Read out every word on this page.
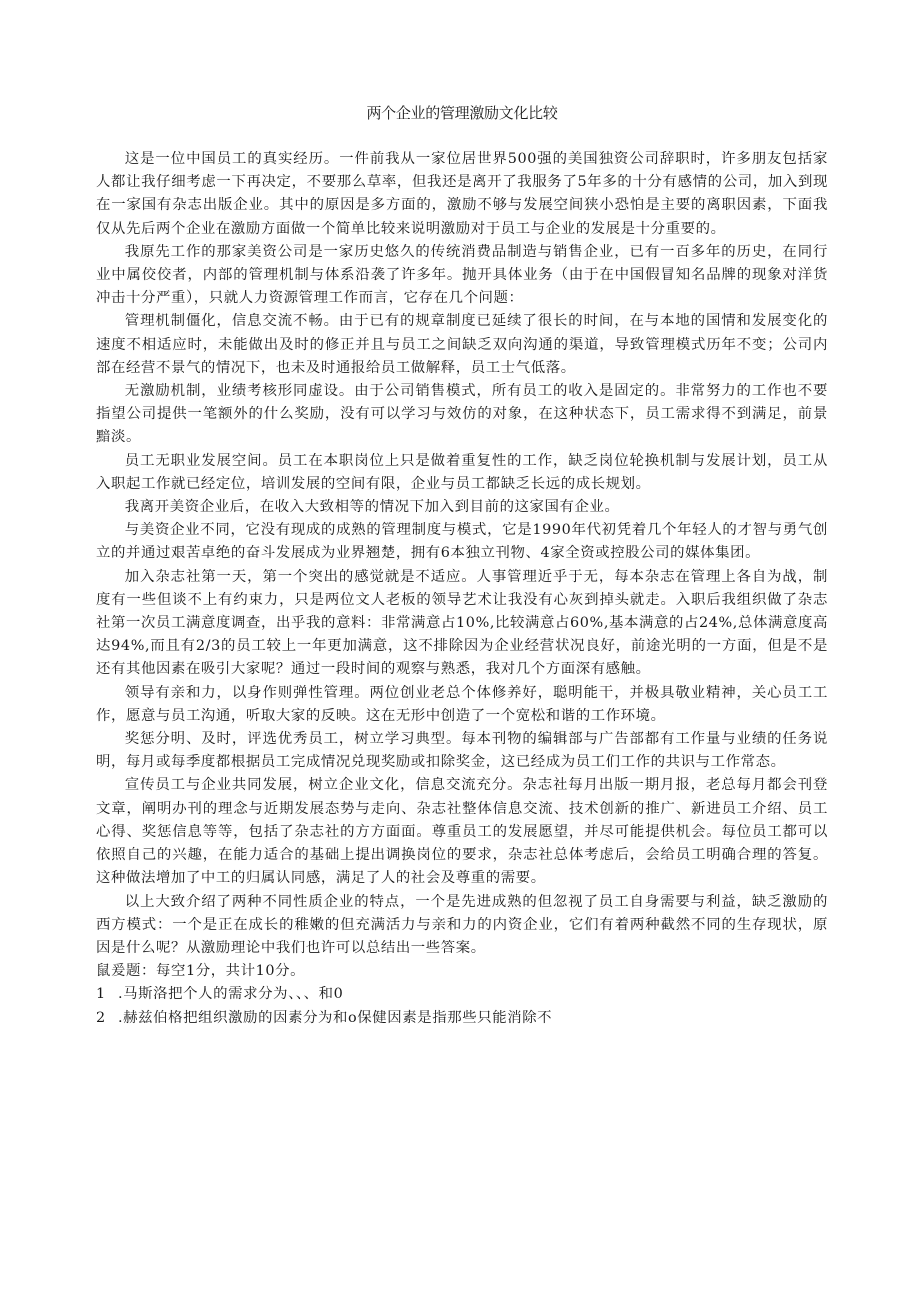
两个企业的管理激励文化比较

这是一位中国员工的真实经历。一件前我从一家位居世界500强的美国独资公司辞职时，许多朋友包括家人都让我仔细考虑一下再决定，不要那么草率，但我还是离开了我服务了5年多的十分有感情的公司，加入到现在一家国有杂志出版企业。其中的原因是多方面的，激励不够与发展空间狭小恐怕是主要的离职因素，下面我仅从先后两个企业在激励方面做一个简单比较来说明激励对于员工与企业的发展是十分重要的。

我原先工作的那家美资公司是一家历史悠久的传统消费品制造与销售企业，已有一百多年的历史，在同行业中属佼佼者，内部的管理机制与体系沿袭了许多年。抛开具体业务（由于在中国假冒知名品牌的现象对洋货冲击十分严重），只就人力资源管理工作而言，它存在几个问题：

管理机制僵化，信息交流不畅。由于已有的规章制度已延续了很长的时间，在与本地的国情和发展变化的速度不相适应时，未能做出及时的修正并且与员工之间缺乏双向沟通的渠道，导致管理模式历年不变；公司内部在经营不景气的情况下，也未及时通报给员工做解释，员工士气低落。

无激励机制，业绩考核形同虚设。由于公司销售模式，所有员工的收入是固定的。非常努力的工作也不要指望公司提供一笔额外的什么奖励，没有可以学习与效仿的对象，在这种状态下，员工需求得不到满足，前景黯淡。

员工无职业发展空间。员工在本职岗位上只是做着重复性的工作，缺乏岗位轮换机制与发展计划，员工从入职起工作就已经定位，培训发展的空间有限，企业与员工都缺乏长远的成长规划。

我离开美资企业后，在收入大致相等的情况下加入到目前的这家国有企业。

与美资企业不同，它没有现成的成熟的管理制度与模式，它是1990年代初凭着几个年轻人的才智与勇气创立的并通过艰苦卓绝的奋斗发展成为业界翘楚，拥有6本独立刊物、4家全资或控股公司的媒体集团。

加入杂志社第一天，第一个突出的感觉就是不适应。人事管理近乎于无，每本杂志在管理上各自为战，制度有一些但谈不上有约束力，只是两位文人老板的领导艺术让我没有心灰到掉头就走。入职后我组织做了杂志社第一次员工满意度调查，出乎我的意料：非常满意占10%,比较满意占60%,基本满意的占24%,总体满意度高达94%,而且有2/3的员工较上一年更加满意，这不排除因为企业经营状况良好，前途光明的一方面，但是不是还有其他因素在吸引大家呢？通过一段时间的观察与熟悉，我对几个方面深有感触。

领导有亲和力，以身作则弹性管理。两位创业老总个体修养好，聪明能干，并极具敬业精神，关心员工工作，愿意与员工沟通，听取大家的反映。这在无形中创造了一个宽松和谐的工作环境。

奖惩分明、及时，评选优秀员工，树立学习典型。每本刊物的编辑部与广告部都有工作量与业绩的任务说明，每月或每季度都根据员工完成情况兑现奖励或扣除奖金，这已经成为员工们工作的共识与工作常态。

宣传员工与企业共同发展，树立企业文化，信息交流充分。杂志社每月出版一期月报，老总每月都会刊登文章，阐明办刊的理念与近期发展态势与走向、杂志社整体信息交流、技术创新的推广、新进员工介绍、员工心得、奖惩信息等等，包括了杂志社的方方面面。尊重员工的发展愿望，并尽可能提供机会。每位员工都可以依照自己的兴趣，在能力适合的基础上提出调换岗位的要求，杂志社总体考虑后，会给员工明确合理的答复。这种做法增加了中工的归属认同感，满足了人的社会及尊重的需要。

以上大致介绍了两种不同性质企业的特点，一个是先进成熟的但忽视了员工自身需要与利益，缺乏激励的西方模式：一个是正在成长的稚嫩的但充满活力与亲和力的内资企业，它们有着两种截然不同的生存现状，原因是什么呢？从激励理论中我们也许可以总结出一些答案。

鼠爰题：每空1分，共计10分。

1 .马斯洛把个人的需求分为、、、和0

2 .赫兹伯格把组织激励的因素分为和o保健因素是指那些只能消除不
